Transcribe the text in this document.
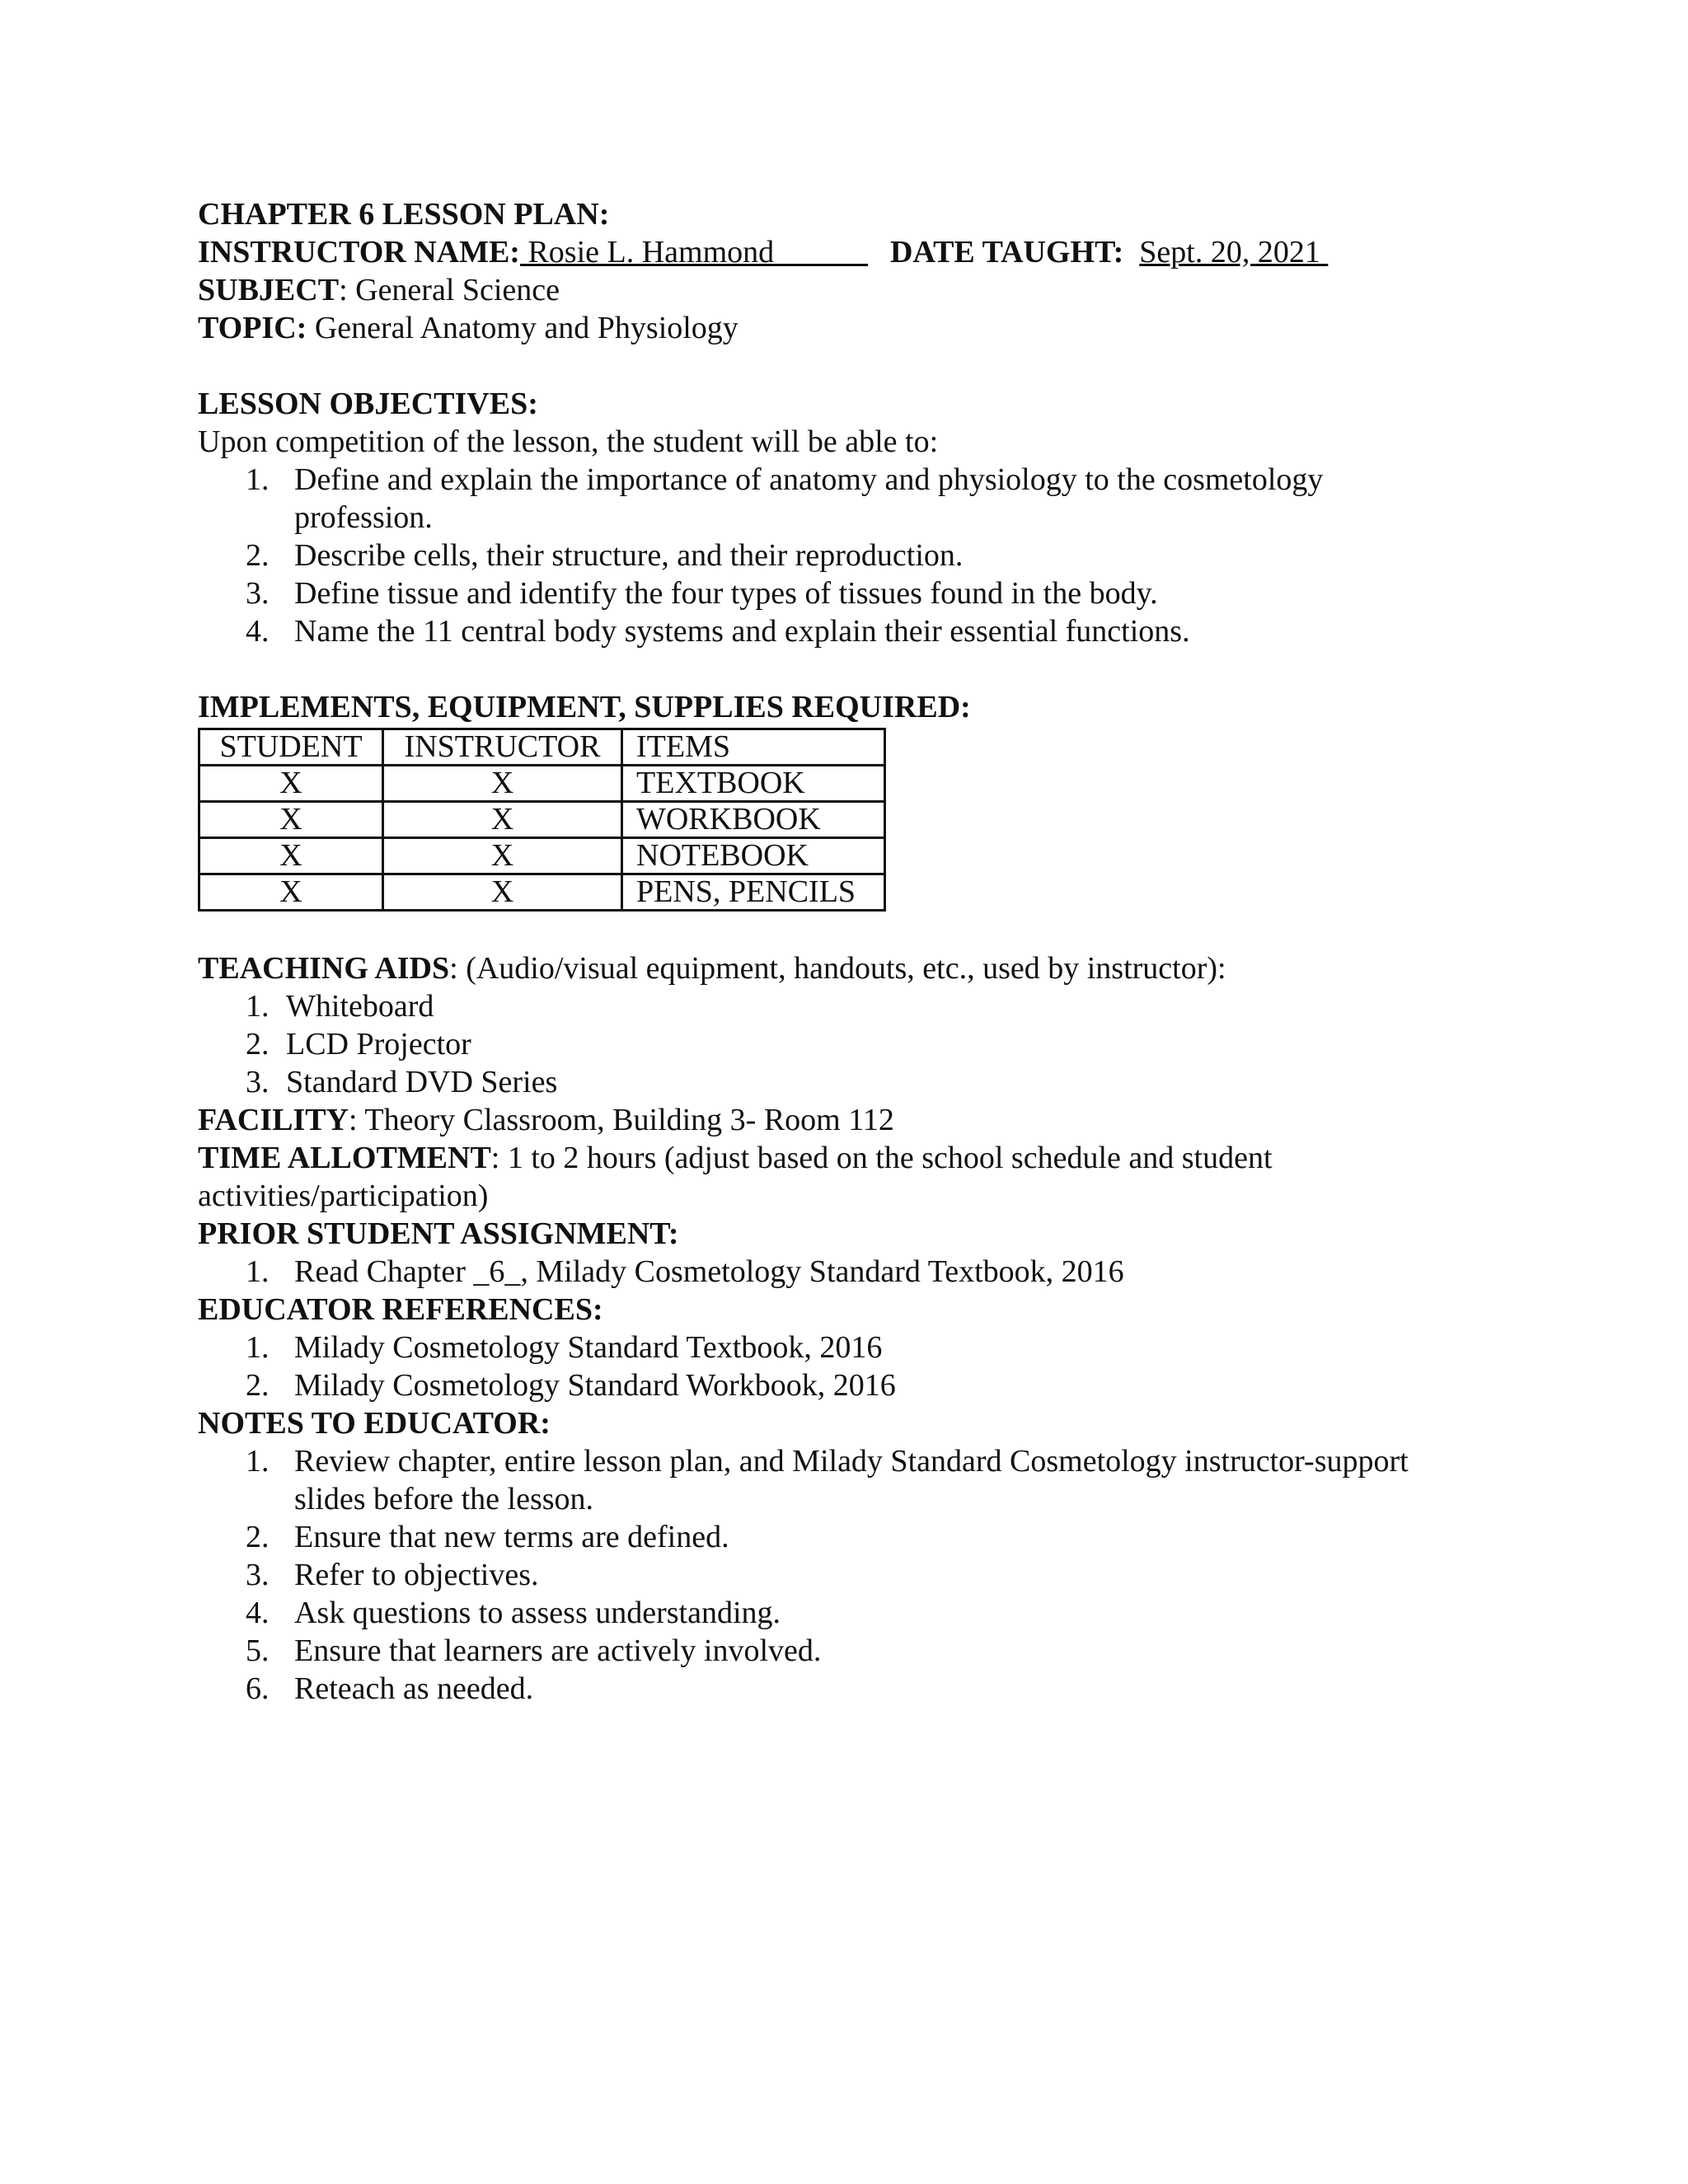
CHAPTER 6 LESSON PLAN:

INSTRUCTOR NAME: Rosie L. Hammond DATE TAUGHT: Sept. 20, 2021

SUBJECT: General Science

TOPIC: General Anatomy and Physiology

LESSON OBJECTIVES:

Upon competition of the lesson, the student will be able to:

1. Define and explain the importance of anatomy and physiology to the cosmetology
profession.
2. Describe cells, their structure, and their reproduction.
3. Define tissue and identify the four types of tissues found in the body.
4. Name the 11 central body systems and explain their essential functions.

IMPLEMENTS, EQUIPMENT, SUPPLIES REQUIRED:

STUDENT	INSTRUCTOR	ITEMS
X	X	TEXTBOOK
X	X	WORKBOOK
X	X	NOTEBOOK
X	X	PENS, PENCILS

TEACHING AIDS: (Audio/visual equipment, handouts, etc., used by instructor):

1. Whiteboard
2. LCD Projector
3. Standard DVD Series

FACILITY: Theory Classroom, Building 3- Room 112

TIME ALLOTMENT: 1 to 2 hours (adjust based on the school schedule and student

activities/participation)

PRIOR STUDENT ASSIGNMENT:

1. Read Chapter _6_, Milady Cosmetology Standard Textbook, 2016

EDUCATOR REFERENCES:

1. Milady Cosmetology Standard Textbook, 2016
2. Milady Cosmetology Standard Workbook, 2016

NOTES TO EDUCATOR:

1. Review chapter, entire lesson plan, and Milady Standard Cosmetology instructor-support
slides before the lesson.
2. Ensure that new terms are defined.
3. Refer to objectives.
4. Ask questions to assess understanding.
5. Ensure that learners are actively involved.
6. Reteach as needed.
